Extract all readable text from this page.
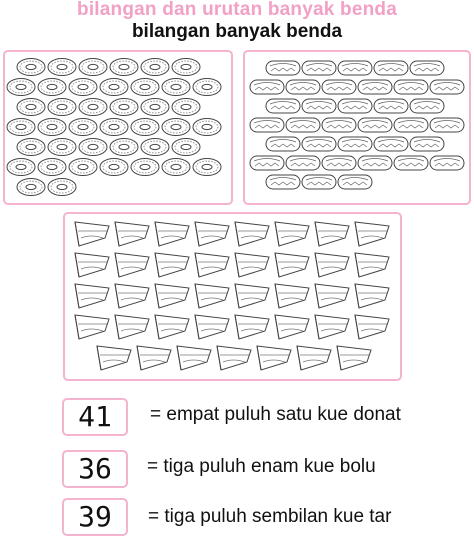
bilangan dan urutan banyak benda
bilangan banyak benda
41	= empat puluh satu kue donat
36	= tiga puluh enam kue bolu
39	= tiga puluh sembilan kue tar
